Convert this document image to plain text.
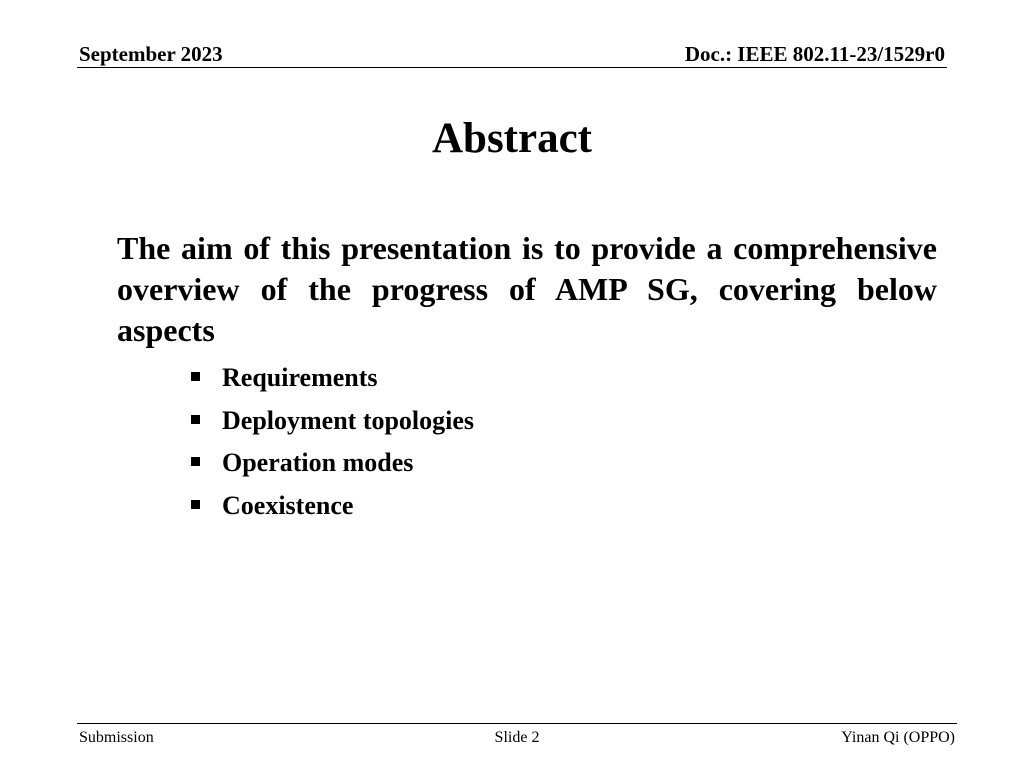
September 2023	Doc.: IEEE 802.11-23/1529r0
Abstract
The aim of this presentation is to provide a comprehensive overview of the progress of AMP SG, covering below aspects
Requirements
Deployment topologies
Operation modes
Coexistence
Submission	Slide 2	Yinan Qi (OPPO)
